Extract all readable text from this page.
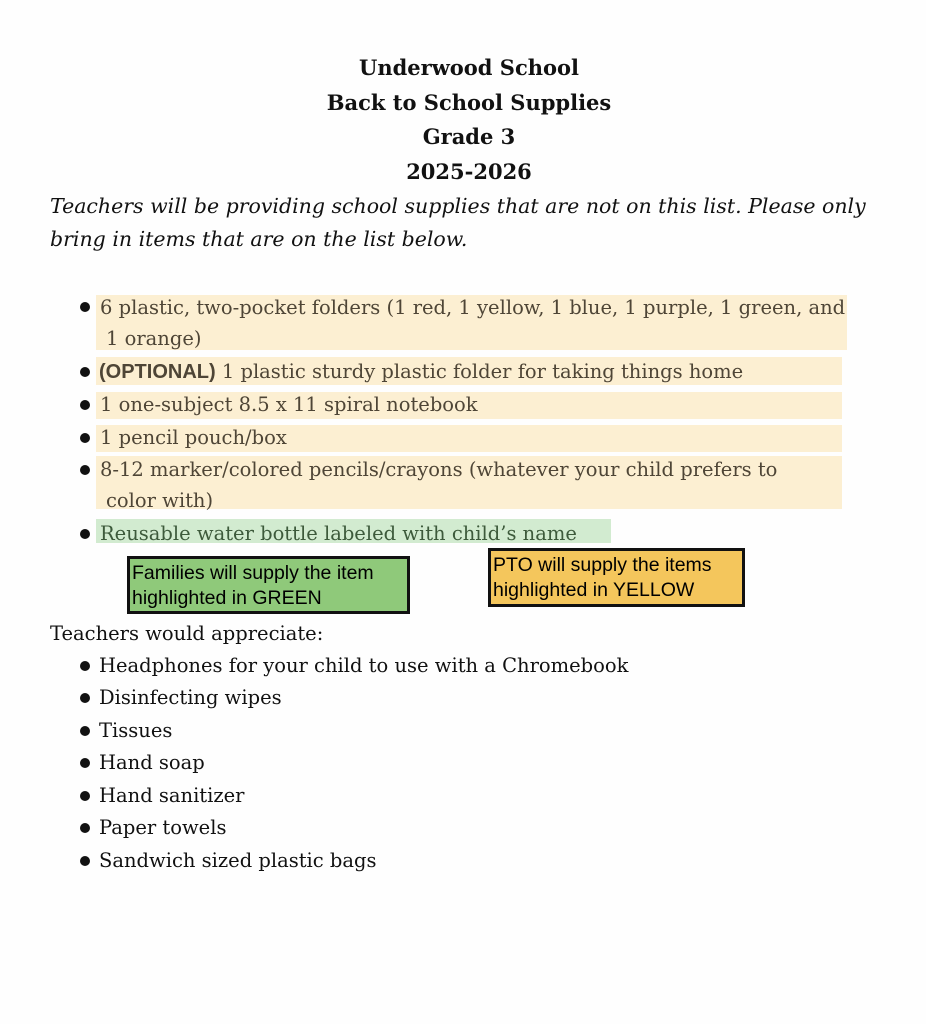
Underwood School
Back to School Supplies
Grade 3
2025-2026
Teachers will be providing school supplies that are not on this list. Please only bring in items that are on the list below.
6 plastic, two-pocket folders (1 red, 1 yellow, 1 blue, 1 purple, 1 green, and
1 orange)
(OPTIONAL) 1 plastic sturdy plastic folder for taking things home
1 one-subject 8.5 x 11 spiral notebook
1 pencil pouch/box
8-12 marker/colored pencils/crayons (whatever your child prefers to
color with)
Reusable water bottle labeled with child’s name
Families will supply the item
highlighted in GREEN
PTO will supply the items
highlighted in YELLOW
Teachers would appreciate:
Headphones for your child to use with a Chromebook
Disinfecting wipes
Tissues
Hand soap
Hand sanitizer
Paper towels
Sandwich sized plastic bags
